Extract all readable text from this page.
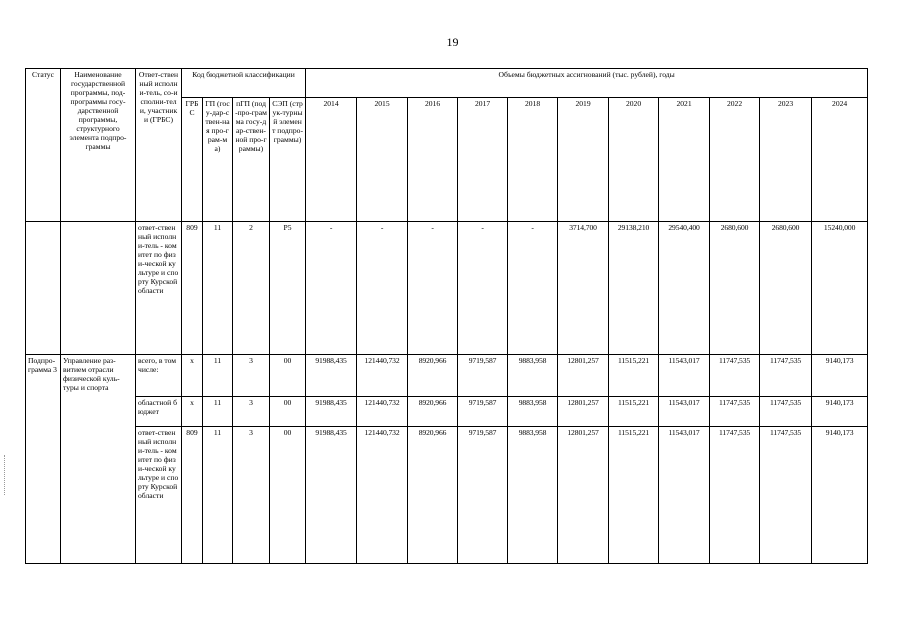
19
Статус	Наименование государственной программы, под-программы госу-дарственной программы, структурного элемента подпро-граммы	Ответ-ственный исполни-тель, со-исполни-тели, участники (ГРБС)	Код бюджетной классификации				Объемы бюджетных ассигнований (тыс. рублей), годы										
			ГРБ С	ГП (госу-дар-ствен-ная про-грам-ма)	пГП (под-про-грамма госу-дар-ствен-ной про-граммы)	СЭП (струк-турный элемент подпро-граммы)	2014	2015	2016	2017	2018	2019	2020	2021	2022	2023	2024
		ответ-ственный исполни-тель - комитет по физи-ческой культуре и спорту Курской области	809	11	2	Р5	-	-	-	-	-	3714,700	29138,210	29540,400	2680,600	2680,600	15240,000
Подпро-грамма 3	Управление раз-витием отрасли физической куль-туры и спорта	всего, в том числе:	х	11	3	00	91988,435	121440,732	8920,966	9719,587	9883,958	12801,257	11515,221	11543,017	11747,535	11747,535	9140,173
		областной бюджет	х	11	3	00	91988,435	121440,732	8920,966	9719,587	9883,958	12801,257	11515,221	11543,017	11747,535	11747,535	9140,173
		ответ-ственный исполни-тель - комитет по физи-ческой культуре и спорту Курской области	809	11	3	00	91988,435	121440,732	8920,966	9719,587	9883,958	12801,257	11515,221	11543,017	11747,535	11747,535	9140,173
